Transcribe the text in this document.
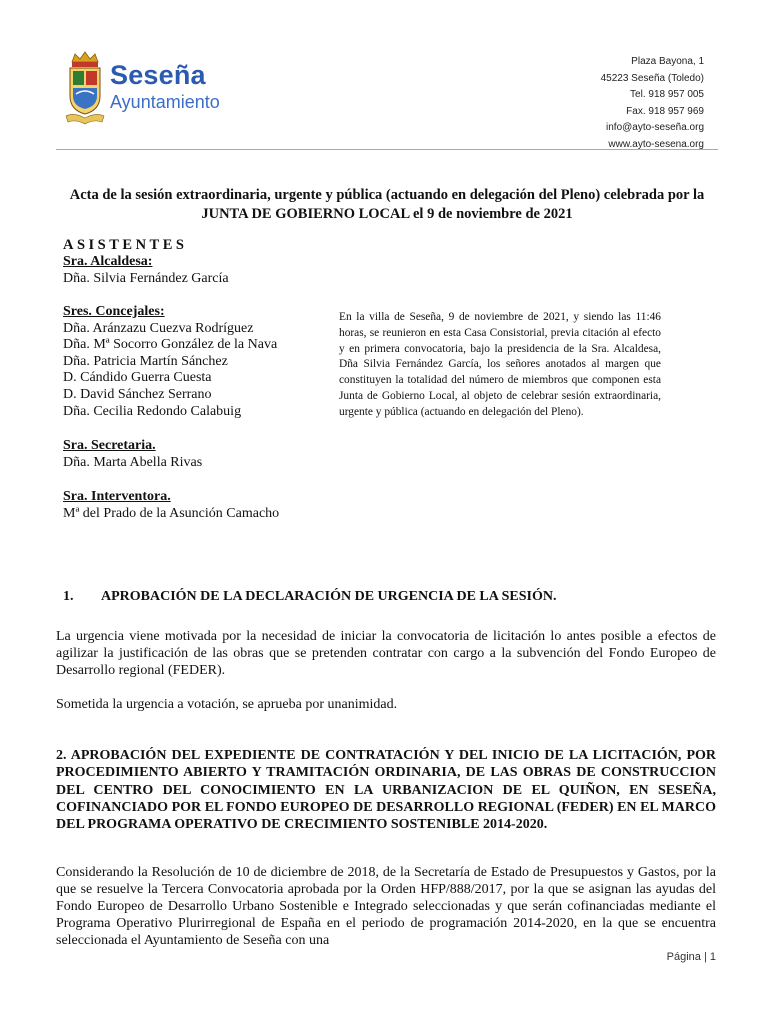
Seseña
Ayuntamiento
Plaza Bayona, 1
45223 Seseña (Toledo)
Tel. 918 957 005
Fax. 918 957 969
info@ayto-seseña.org
www.ayto-sesena.org
Acta de la sesión extraordinaria, urgente y pública (actuando en delegación del Pleno) celebrada por la
JUNTA DE GOBIERNO LOCAL el 9 de noviembre de 2021
ASISTENTES
Sra. Alcaldesa:
Dña. Silvia Fernández García
Sres. Concejales:
Dña. Aránzazu Cuezva Rodríguez
Dña. Mª Socorro González de la Nava
Dña. Patricia Martín Sánchez
D. Cándido Guerra Cuesta
D. David Sánchez Serrano
Dña. Cecilia Redondo Calabuig
Sra. Secretaria.
Dña. Marta Abella Rivas
Sra. Interventora.
Mª del Prado de la Asunción Camacho
En la villa de Seseña, 9 de noviembre de 2021, y siendo las 11:46 horas, se reunieron en esta Casa Consistorial, previa citación al efecto y en primera convocatoria, bajo la presidencia de la Sra. Alcaldesa, Dña Silvia Fernández García, los señores anotados al margen que constituyen la totalidad del número de miembros que componen esta Junta de Gobierno Local, al objeto de celebrar sesión extraordinaria, urgente y pública (actuando en delegación del Pleno).
1. APROBACIÓN DE LA DECLARACIÓN DE URGENCIA DE LA SESIÓN.
La urgencia viene motivada por la necesidad de iniciar la convocatoria de licitación lo antes posible a efectos de agilizar la justificación de las obras que se pretenden contratar con cargo a la subvención del Fondo Europeo de Desarrollo regional (FEDER).
Sometida la urgencia a votación, se aprueba por unanimidad.
2. APROBACIÓN DEL EXPEDIENTE DE CONTRATACIÓN Y DEL INICIO DE LA LICITACIÓN, POR PROCEDIMIENTO ABIERTO Y TRAMITACIÓN ORDINARIA, DE LAS OBRAS DE CONSTRUCCION DEL CENTRO DEL CONOCIMIENTO EN LA URBANIZACION DE EL QUIÑON, EN SESEÑA, COFINANCIADO POR EL FONDO EUROPEO DE DESARROLLO REGIONAL (FEDER) EN EL MARCO DEL PROGRAMA OPERATIVO DE CRECIMIENTO SOSTENIBLE 2014-2020.
Considerando la Resolución de 10 de diciembre de 2018, de la Secretaría de Estado de Presupuestos y Gastos, por la que se resuelve la Tercera Convocatoria aprobada por la Orden HFP/888/2017, por la que se asignan las ayudas del Fondo Europeo de Desarrollo Urbano Sostenible e Integrado seleccionadas y que serán cofinanciadas mediante el Programa Operativo Plurirregional de España en el periodo de programación 2014-2020, en la que se encuentra seleccionada el Ayuntamiento de Seseña con una
Página | 1
